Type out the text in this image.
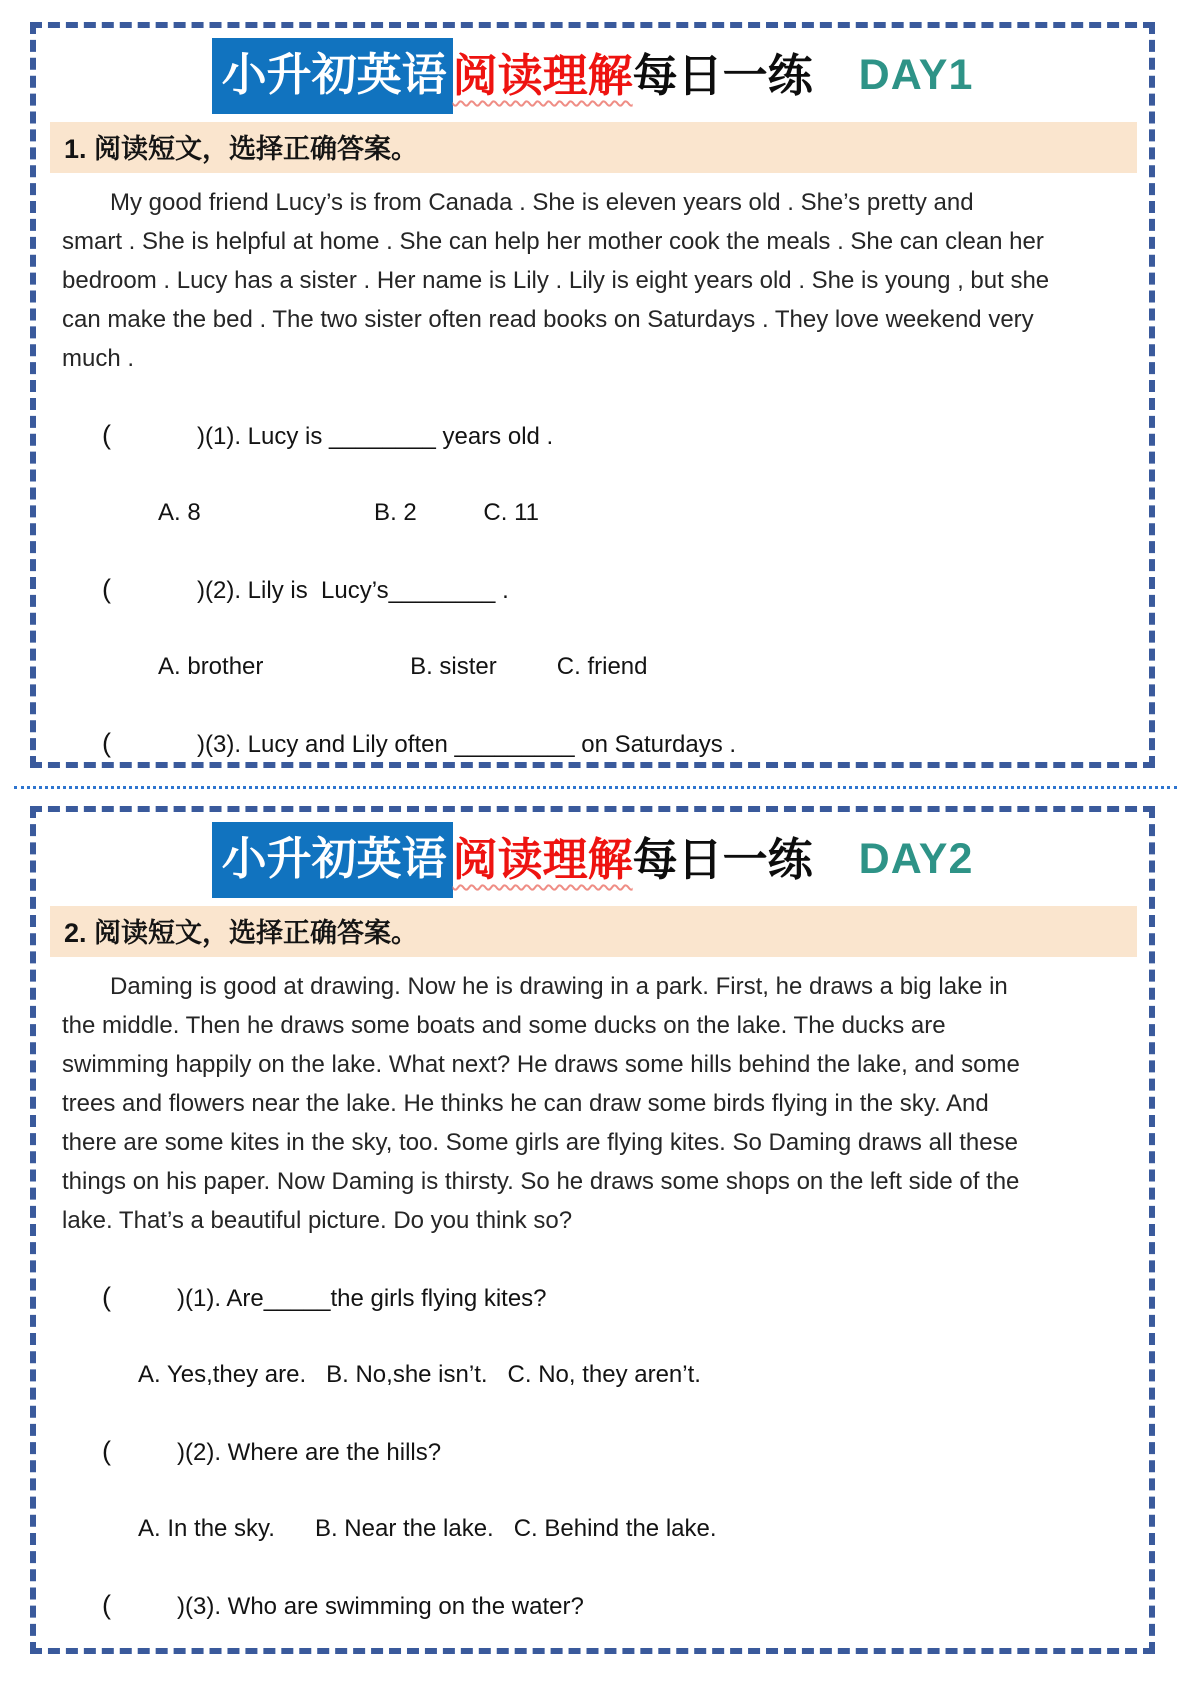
小升初英语 阅读理解每日一练 DAY1
1. 阅读短文，选择正确答案。
My good friend Lucy’s is from Canada . She is eleven years old . She’s pretty and
smart . She is helpful at home . She can help her mother cook the meals . She can clean her
bedroom . Lucy has a sister . Her name is Lily . Lily is eight years old . She is young , but she
can make the bed . The two sister often read books on Saturdays . They love weekend very
much .

(	)(1). Lucy is ________ years old .

A. 8                          B. 2          C. 11

(	)(2). Lily is  Lucy’s________ .

A. brother                      B. sister         C. friend

(	)(3). Lucy and Lily often _________ on Saturdays .

小升初英语 阅读理解每日一练 DAY2
2. 阅读短文，选择正确答案。
Daming is good at drawing. Now he is drawing in a park. First, he draws a big lake in
the middle. Then he draws some boats and some ducks on the lake. The ducks are
swimming happily on the lake. What next? He draws some hills behind the lake, and some
trees and flowers near the lake. He thinks he can draw some birds flying in the sky. And
there are some kites in the sky, too. Some girls are flying kites. So Daming draws all these
things on his paper. Now Daming is thirsty. So he draws some shops on the left side of the
lake. That’s a beautiful picture. Do you think so?

(	)(1). Are_____the girls flying kites?

A. Yes,they are.   B. No,she isn’t.   C. No, they aren’t.

(	)(2). Where are the hills?

A. In the sky.      B. Near the lake.   C. Behind the lake.

(	)(3). Who are swimming on the water?
